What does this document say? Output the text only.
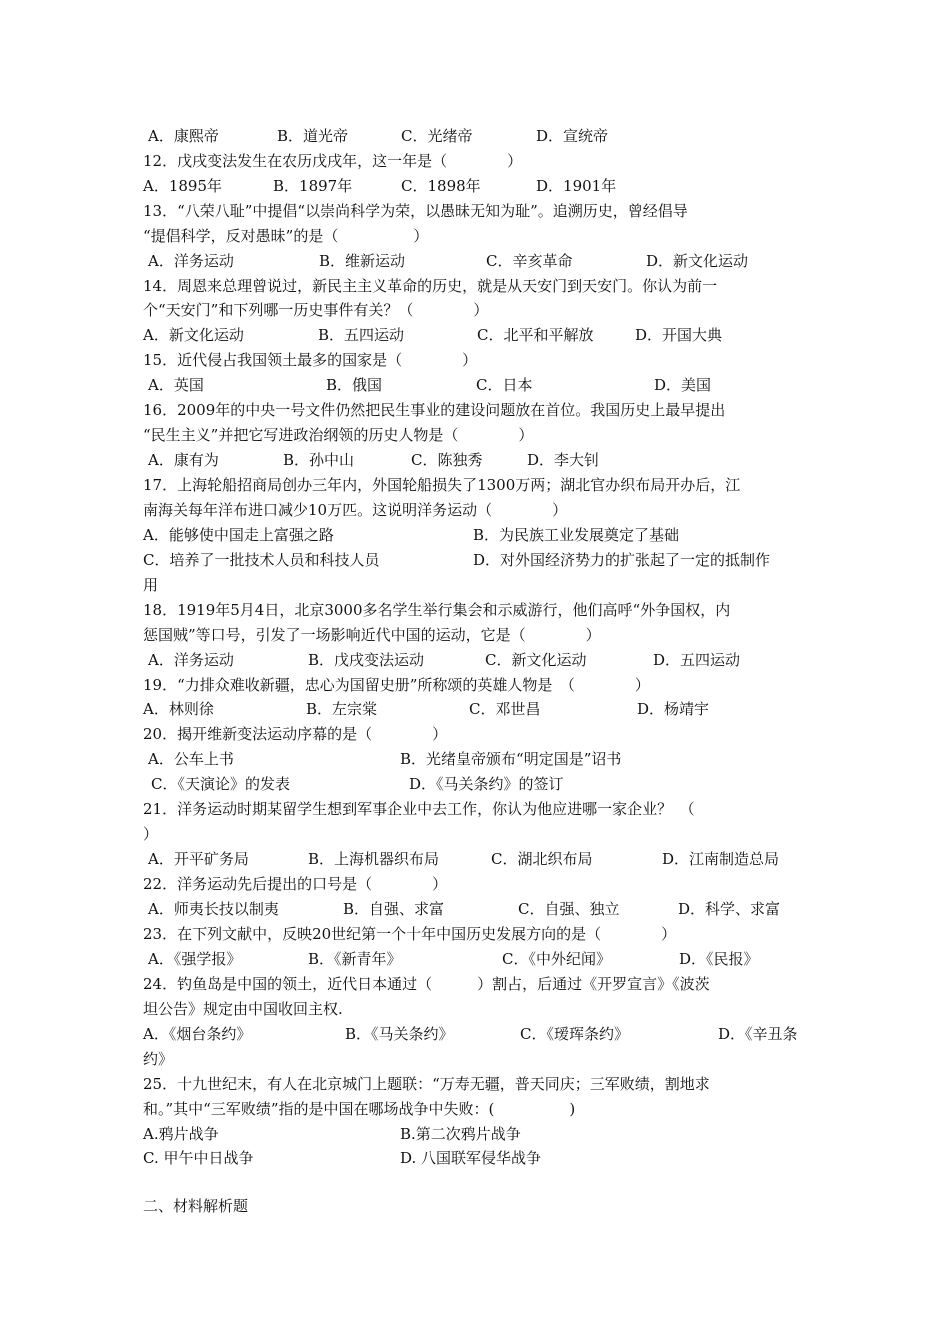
A．康熙帝	B．道光帝	C．光绪帝	D．宣统帝
12．戊戌变法发生在农历戊戌年，这一年是（　　　　）
A．1895年	B．1897年	C．1898年	D．1901年
13．“八荣八耻”中提倡“以崇尚科学为荣，以愚昧无知为耻”。追溯历史，曾经倡导
“提倡科学，反对愚昧”的是（　　　　　）
A．洋务运动	B．维新运动	C．辛亥革命	D．新文化运动
14．周恩来总理曾说过，新民主主义革命的历史，就是从天安门到天安门。你认为前一
个“天安门”和下列哪一历史事件有关？（　　　　）
A．新文化运动	B．五四运动	C．北平和平解放	D．开国大典
15．近代侵占我国领土最多的国家是（　　　　）
A．英国	B．俄国	C．日本	D．美国
16．2009年的中央一号文件仍然把民生事业的建设问题放在首位。我国历史上最早提出
“民生主义”并把它写进政治纲领的历史人物是（　　　　）
A．康有为	B．孙中山	C．陈独秀	D．李大钊
17．上海轮船招商局创办三年内，外国轮船损失了1300万两；湖北官办织布局开办后，江
南海关每年洋布进口减少10万匹。这说明洋务运动（　　　　）
A．能够使中国走上富强之路	B．为民族工业发展奠定了基础
C．培养了一批技术人员和科技人员	D．对外国经济势力的扩张起了一定的抵制作
用
18．1919年5月4日，北京3000多名学生举行集会和示威游行，他们高呼“外争国权，内
惩国贼”等口号，引发了一场影响近代中国的运动，它是（　　　　）
A．洋务运动	B．戊戌变法运动	C．新文化运动	D．五四运动
19．“力排众难收新疆，忠心为国留史册”所称颂的英雄人物是　（　　　　）
A．林则徐	B．左宗棠	C．邓世昌	D．杨靖宇
20．揭开维新变法运动序幕的是（　　　　）
A．公车上书	B．光绪皇帝颁布“明定国是”诏书
C．《天演论》的发表	D．《马关条约》的签订
21．洋务运动时期某留学生想到军事企业中去工作，你认为他应进哪一家企业？　（
）
A．开平矿务局	B．上海机器织布局	C．湖北织布局	D．江南制造总局
22．洋务运动先后提出的口号是（　　　　）
A．师夷长技以制夷	B．自强、求富	C．自强、独立	D．科学、求富
23．在下列文献中，反映20世纪第一个十年中国历史发展方向的是（　　　　）
A．《强学报》	B．《新青年》	C．《中外纪闻》	D．《民报》
24．钓鱼岛是中国的领土，近代日本通过（　　　）割占，后通过《开罗宣言》《波茨
坦公告》规定由中国收回主权.
A．《烟台条约》	B．《马关条约》	C．《瑷珲条约》	D．《辛丑条
约》
25．十九世纪末，有人在北京城门上题联：“万寿无疆，普天同庆；三军败绩，割地求
和。”其中“三军败绩”指的是中国在哪场战争中失败：(　　　　　)
A.鸦片战争	B.第二次鸦片战争
C. 甲午中日战争	D. 八国联军侵华战争
二、材料解析题
